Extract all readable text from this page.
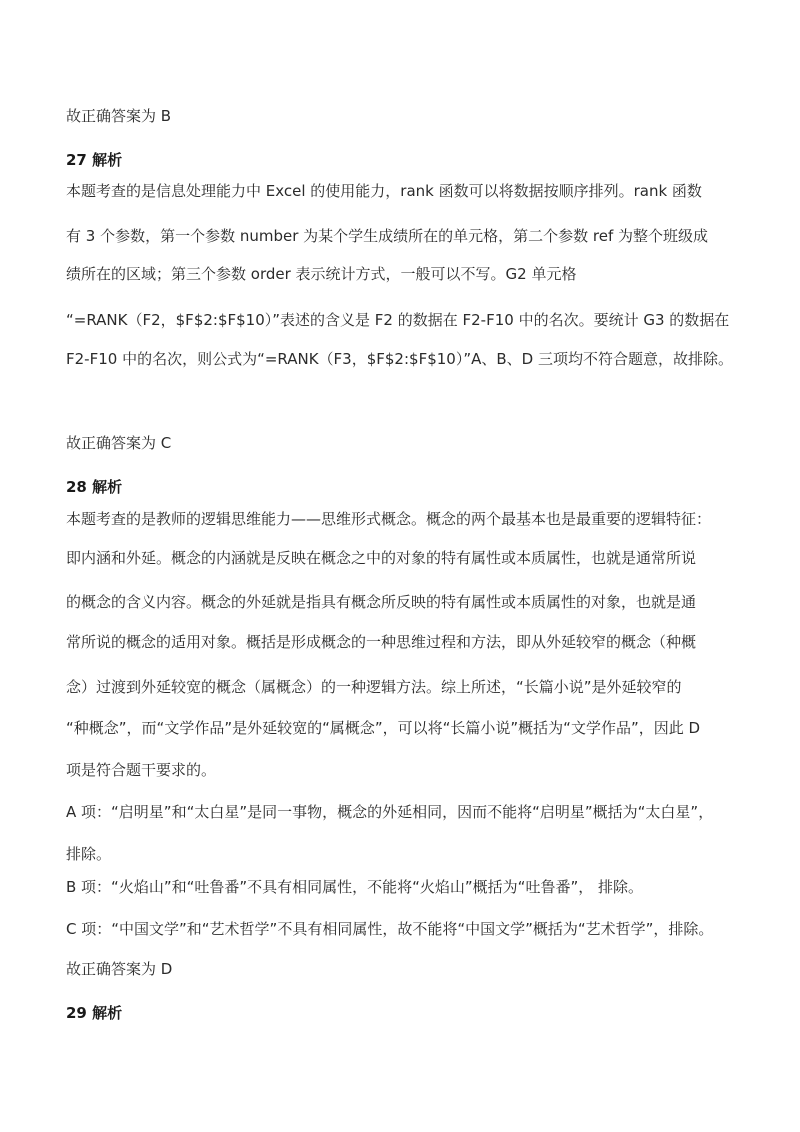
故正确答案为 B
27 解析
本题考查的是信息处理能力中 Excel 的使用能力，rank 函数可以将数据按顺序排列。rank 函数
有 3 个参数，第一个参数 number 为某个学生成绩所在的单元格，第二个参数 ref 为整个班级成
绩所在的区域；第三个参数 order 表示统计方式，一般可以不写。G2 单元格
“=RANK（F2，$F$2:$F$10）”表述的含义是 F2 的数据在 F2-F10 中的名次。要统计 G3 的数据在
F2-F10 中的名次，则公式为“=RANK（F3，$F$2:$F$10）”A、B、D 三项均不符合题意，故排除。
故正确答案为 C
28 解析
本题考查的是教师的逻辑思维能力——思维形式概念。概念的两个最基本也是最重要的逻辑特征：
即内涵和外延。概念的内涵就是反映在概念之中的对象的特有属性或本质属性，也就是通常所说
的概念的含义内容。概念的外延就是指具有概念所反映的特有属性或本质属性的对象，也就是通
常所说的概念的适用对象。概括是形成概念的一种思维过程和方法，即从外延较窄的概念（种概
念）过渡到外延较宽的概念（属概念）的一种逻辑方法。综上所述，“长篇小说”是外延较窄的
“种概念”，而“文学作品”是外延较宽的“属概念”，可以将“长篇小说”概括为“文学作品”，因此 D
项是符合题干要求的。
A 项：“启明星”和“太白星”是同一事物，概念的外延相同，因而不能将“启明星”概括为“太白星”，
排除。
B 项：“火焰山”和“吐鲁番”不具有相同属性，不能将“火焰山”概括为“吐鲁番”， 排除。
C 项：“中国文学”和“艺术哲学”不具有相同属性，故不能将“中国文学”概括为“艺术哲学”，排除。
故正确答案为 D
29 解析
